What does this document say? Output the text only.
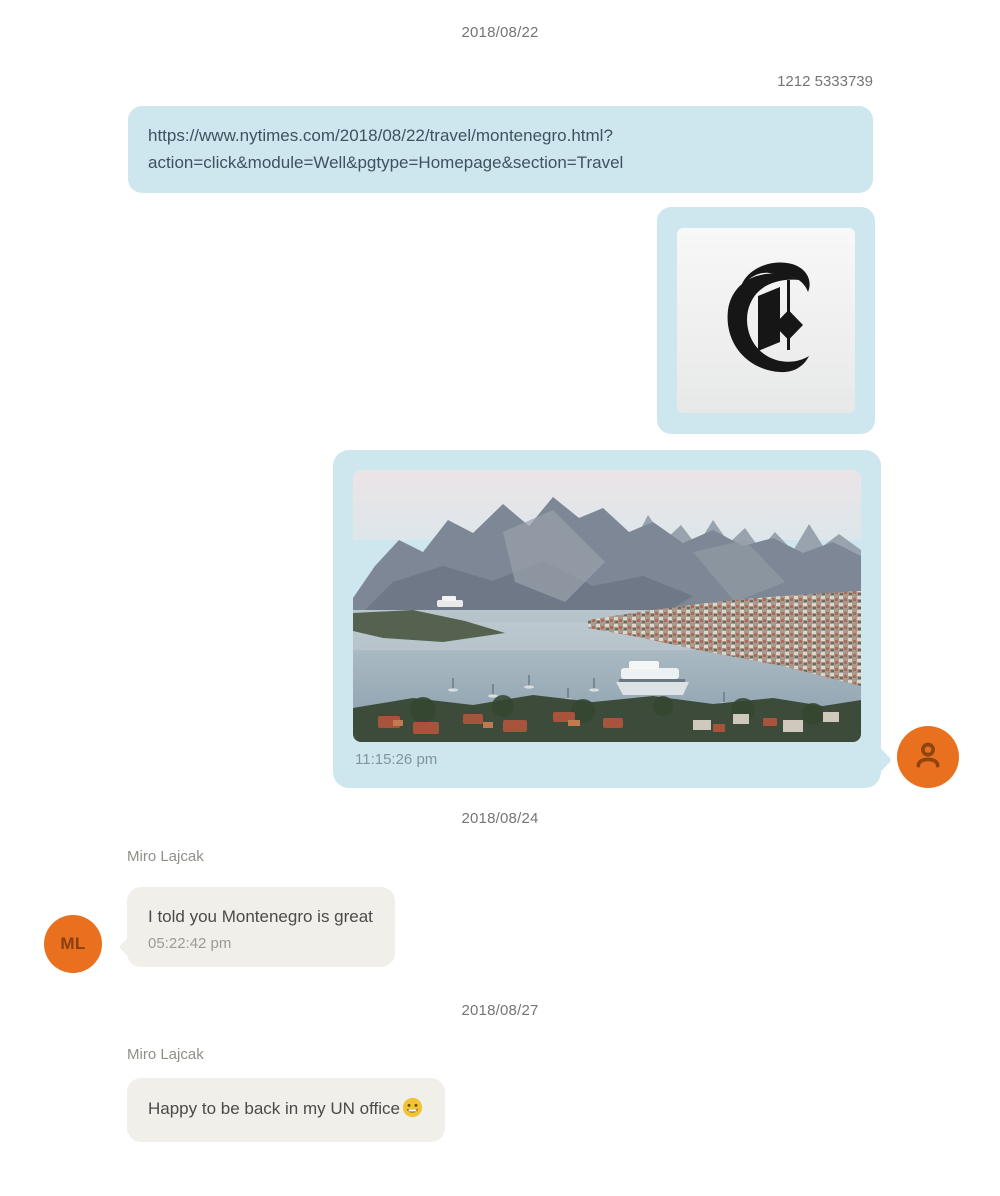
2018/08/22
1212 5333739
https://www.nytimes.com/2018/08/22/travel/montenegro.html?action=click&module=Well&pgtype=Homepage&section=Travel
11:15:26 pm
2018/08/24
Miro Lajcak
I told you Montenegro is great
05:22:42 pm
ML
2018/08/27
Miro Lajcak
Happy to be back in my UN office
